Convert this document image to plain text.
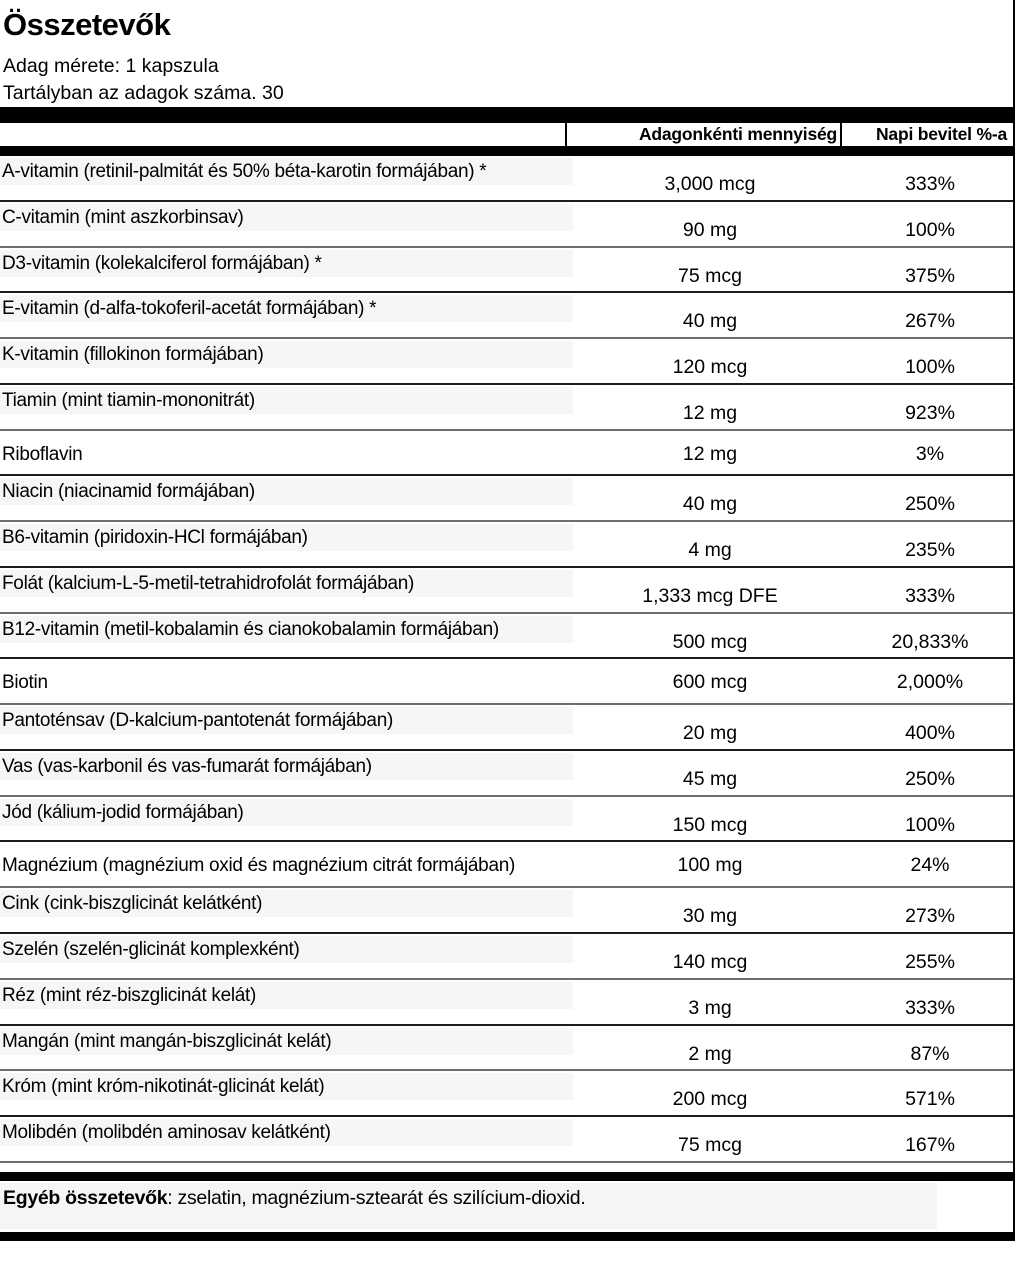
Összetevők

Adag mérete: 1 kapszula

Tartályban az adagok száma. 30

Adagonkénti mennyiség	Napi bevitel %-a
A-vitamin (retinil-palmitát és 50% béta-karotin formájában) *
3,000 mcg	333%
C-vitamin (mint aszkorbinsav)
90 mg	100%
D3-vitamin (kolekalciferol formájában) *
75 mcg	375%
E-vitamin (d-alfa-tokoferil-acetát formájában) *
40 mg	267%
K-vitamin (fillokinon formájában)
120 mcg	100%
Tiamin (mint tiamin-mononitrát)
12 mg	923%
Riboflavin	12 mg	3%
Niacin (niacinamid formájában)
40 mg	250%
B6-vitamin (piridoxin-HCl formájában)
4 mg	235%
Folát (kalcium-L-5-metil-tetrahidrofolát formájában)
1,333 mcg DFE	333%
B12-vitamin (metil-kobalamin és cianokobalamin formájában)
500 mcg	20,833%
Biotin	600 mcg	2,000%
Pantoténsav (D-kalcium-pantotenát formájában)
20 mg	400%
Vas (vas-karbonil és vas-fumarát formájában)
45 mg	250%
Jód (kálium-jodid formájában)
150 mcg	100%
Magnézium (magnézium oxid és magnézium citrát formájában)	100 mg	24%
Cink (cink-biszglicinát kelátként)
30 mg	273%
Szelén (szelén-glicinát komplexként)
140 mcg	255%
Réz (mint réz-biszglicinát kelát)
3 mg	333%
Mangán (mint mangán-biszglicinát kelát)
2 mg	87%
Króm (mint króm-nikotinát-glicinát kelát)
200 mcg	571%
Molibdén (molibdén aminosav kelátként)
75 mcg	167%
Egyéb összetevők: zselatin, magnézium-sztearát és szilícium-dioxid.
